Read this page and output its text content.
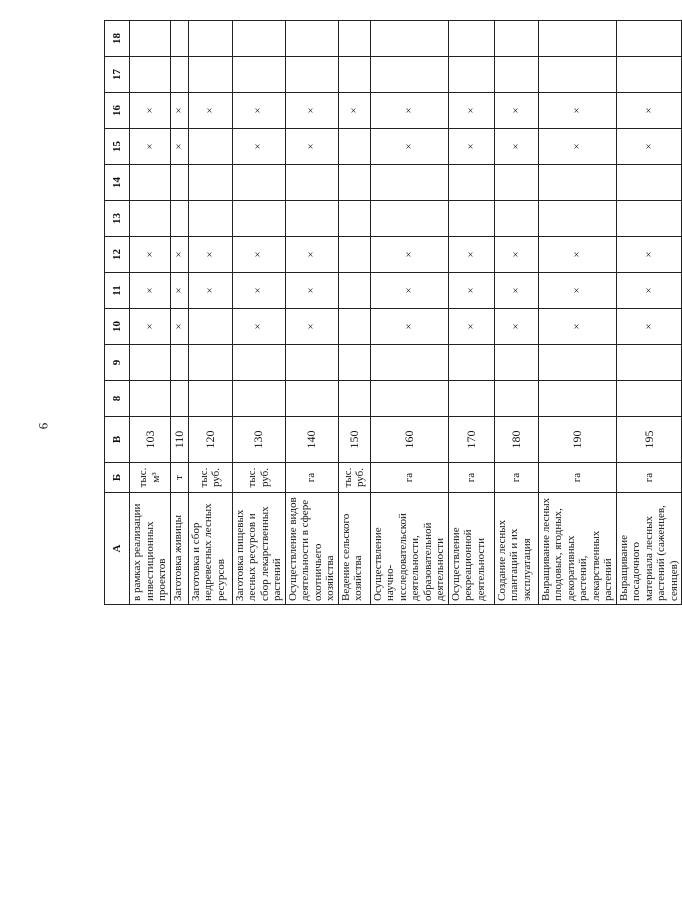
6
А	Б	В	8	9	10	11	12	13	14	15	16	17	18
в рамках реализации инвестиционных проектов	тыс. м³	103			×	×	×			×	×		
Заготовка живицы	т	110			×	×	×			×	×		
Заготовка и сбор недревесных лесных ресурсов	тыс. руб.	120				×	×				×		
Заготовка пищевых лесных ресурсов и сбор лекарственных растений	тыс. руб.	130			×	×	×			×	×		
Осуществление видов деятельности в сфере охотничьего хозяйства	га	140			×	×	×			×	×		
Ведение сельского хозяйства	тыс. руб.	150									×		
Осуществление научно-исследовательской деятельности, образовательной деятельности	га	160			×	×	×			×	×		
Осуществление рекреационной деятельности	га	170			×	×	×			×	×		
Создание лесных плантаций и их эксплуатация	га	180			×	×	×			×	×		
Выращивание лесных плодовых, ягодных, декоративных растений, лекарственных растений	га	190			×	×	×			×	×		
Выращивание посадочного материала лесных растений (саженцев, сеянцев)	га	195			×	×	×			×	×		
